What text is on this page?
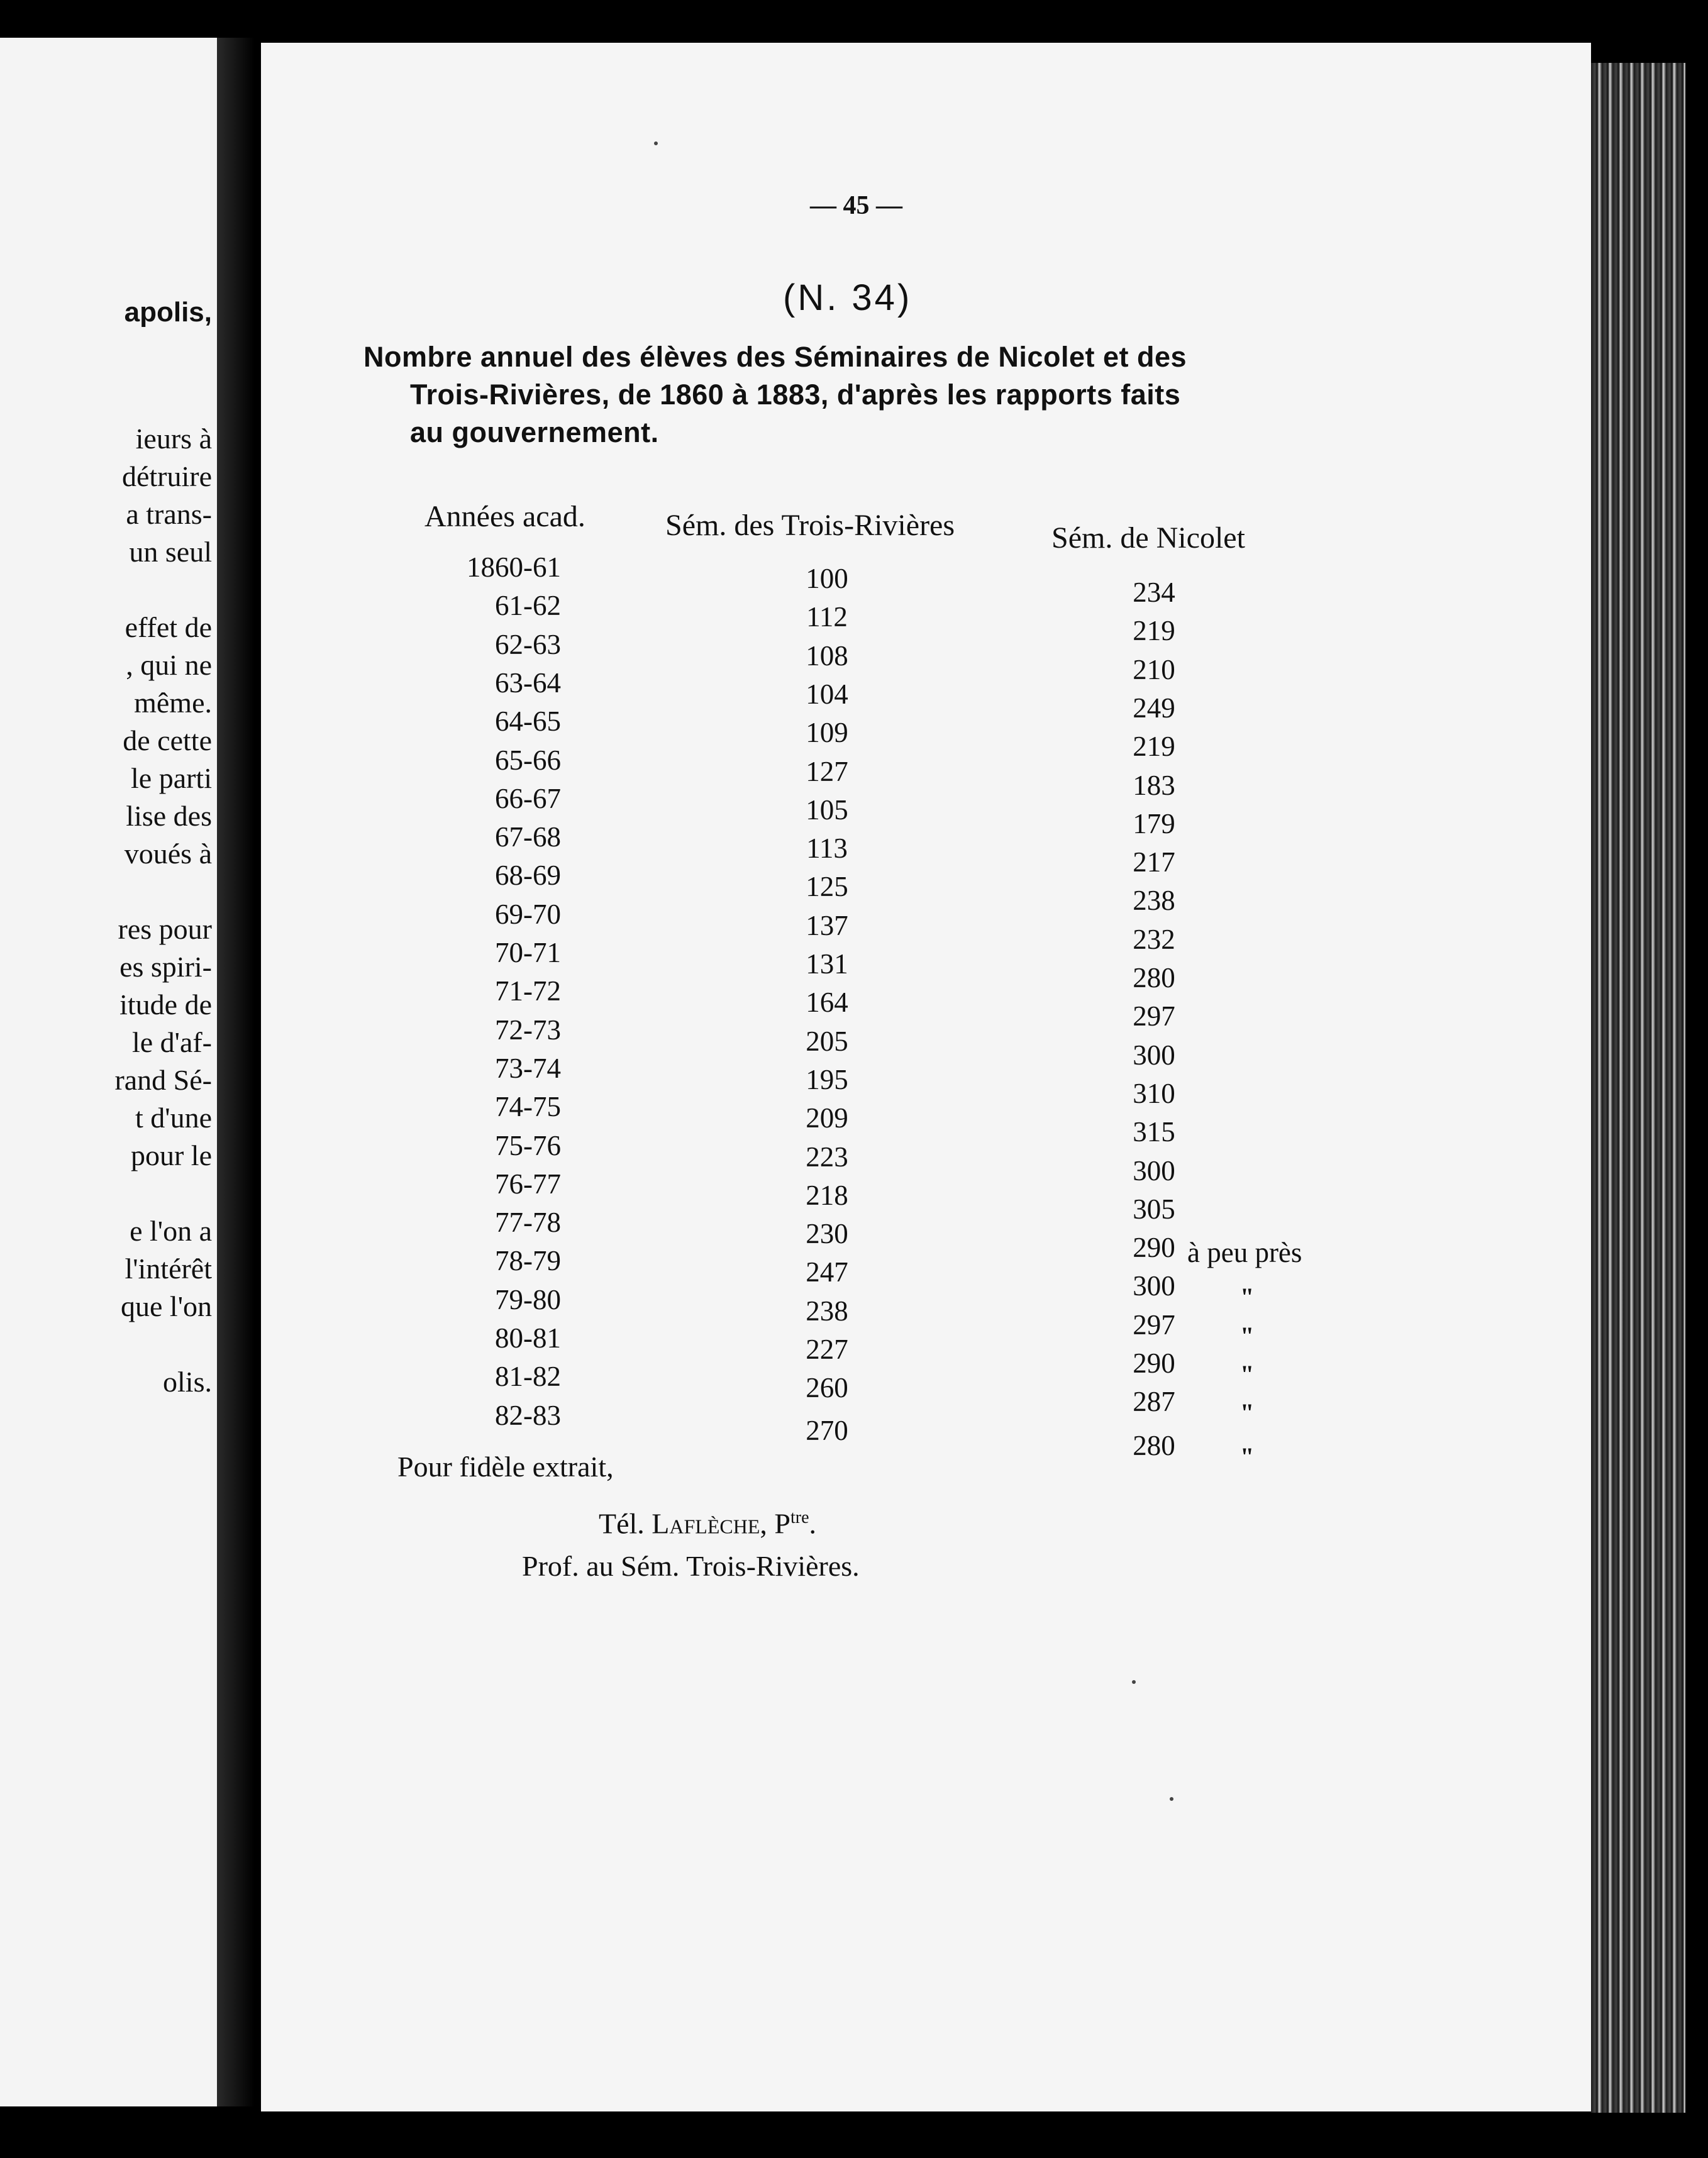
apolis,
ieurs à
détruire
a trans-
un seul
effet de
, qui ne
même.
de cette
le parti
lise des
voués à
res pour
es spiri-
itude de
le d'af-
rand Sé-
t d'une
pour le
e l'on a
l'intérêt
que l'on
olis.
— 45 —
(N. 34)
Nombre annuel des élèves des Séminaires de Nicolet et des
Trois-Rivières, de 1860 à 1883, d'après les rapports faits
au gouvernement.
Années acad.	Sém. des Trois-Rivières	Sém. de Nicolet
1860-61	100	234
61-62	112	219
62-63	108	210
63-64	104	249
64-65	109	219
65-66	127	183
66-67	105	179
67-68	113	217
68-69	125	238
69-70	137	232
70-71	131	280
71-72	164	297
72-73	205	300
73-74	195	310
74-75	209	315
75-76	223	300
76-77	218	305
77-78	230	290 à peu près
78-79	247	300	"
79-80	238	297	"
80-81	227	290	"
81-82	260	287	"
82-83	270	280	"
Pour fidèle extrait,
Tél. Laflèche, $P^{tre}$.
Prof. au Sém. Trois-Rivières.
